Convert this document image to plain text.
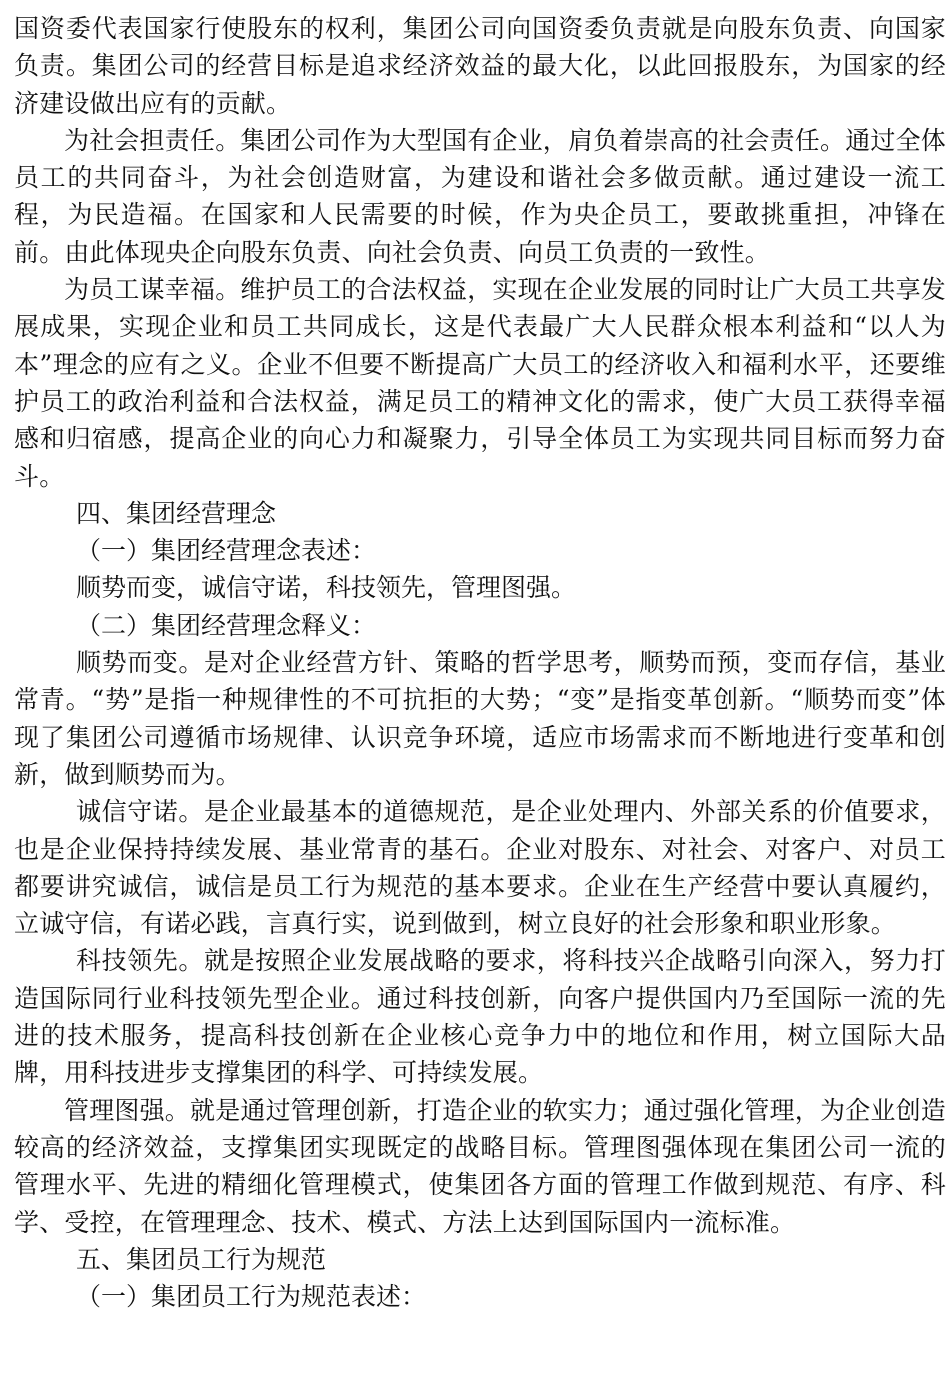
国资委代表国家行使股东的权利，集团公司向国资委负责就是向股东负责、向国家负责。集团公司的经营目标是追求经济效益的最大化，以此回报股东，为国家的经济建设做出应有的贡献。

为社会担责任。集团公司作为大型国有企业，肩负着崇高的社会责任。通过全体员工的共同奋斗，为社会创造财富，为建设和谐社会多做贡献。通过建设一流工程，为民造福。在国家和人民需要的时候，作为央企员工，要敢挑重担，冲锋在前。由此体现央企向股东负责、向社会负责、向员工负责的一致性。

为员工谋幸福。维护员工的合法权益，实现在企业发展的同时让广大员工共享发展成果，实现企业和员工共同成长，这是代表最广大人民群众根本利益和“以人为本”理念的应有之义。企业不但要不断提高广大员工的经济收入和福利水平，还要维护员工的政治利益和合法权益，满足员工的精神文化的需求，使广大员工获得幸福感和归宿感，提高企业的向心力和凝聚力，引导全体员工为实现共同目标而努力奋斗。

四、集团经营理念

（一）集团经营理念表述：

顺势而变，诚信守诺，科技领先，管理图强。

（二）集团经营理念释义：

顺势而变。是对企业经营方针、策略的哲学思考，顺势而预，变而存信，基业常青。“势”是指一种规律性的不可抗拒的大势；“变”是指变革创新。“顺势而变”体现了集团公司遵循市场规律、认识竞争环境，适应市场需求而不断地进行变革和创新，做到顺势而为。

诚信守诺。是企业最基本的道德规范，是企业处理内、外部关系的价值要求，也是企业保持持续发展、基业常青的基石。企业对股东、对社会、对客户、对员工都要讲究诚信，诚信是员工行为规范的基本要求。企业在生产经营中要认真履约，立诚守信，有诺必践，言真行实，说到做到，树立良好的社会形象和职业形象。

科技领先。就是按照企业发展战略的要求，将科技兴企战略引向深入，努力打造国际同行业科技领先型企业。通过科技创新，向客户提供国内乃至国际一流的先进的技术服务，提高科技创新在企业核心竞争力中的地位和作用，树立国际大品牌，用科技进步支撑集团的科学、可持续发展。

管理图强。就是通过管理创新，打造企业的软实力；通过强化管理，为企业创造较高的经济效益，支撑集团实现既定的战略目标。管理图强体现在集团公司一流的管理水平、先进的精细化管理模式，使集团各方面的管理工作做到规范、有序、科学、受控，在管理理念、技术、模式、方法上达到国际国内一流标准。

五、集团员工行为规范

（一）集团员工行为规范表述：
